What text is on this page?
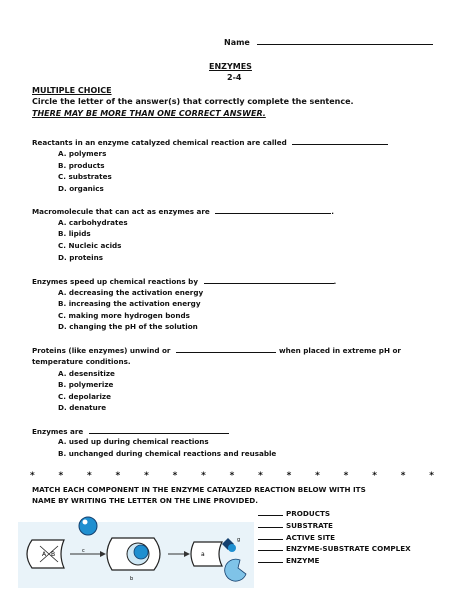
Name
ENZYMES
2-4
MULTIPLE CHOICE
Circle the letter of the answer(s) that correctly complete the sentence.
THERE MAY BE MORE THAN ONE CORRECT ANSWER.
Reactants in an enzyme catalyzed chemical reaction are called
A. polymers
B. products
C. substrates
D. organics
Macromolecule that can act as enzymes are	.
A. carbohydrates
B. lipids
C. Nucleic acids
D. proteins
Enzymes speed up chemical reactions by	.
A. decreasing the activation energy
B. increasing the activation energy
C. making more hydrogen bonds
D. changing the pH of the solution
Proteins (like enzymes) unwind or	when placed in extreme pH or
temperature conditions.
A. desensitize
B. polymerize
C. depolarize
D. denature
Enzymes are
A. used up during chemical reactions
B. unchanged during chemical reactions and reusable
*	*	*	*	*	*	*	*	*	*	*	*	*	*	*
MATCH EACH COMPONENT IN THE ENZYME CATALYZED REACTION BELOW WITH ITS
NAME BY WRITING THE LETTER ON THE LINE PROVIDED.
PRODUCTS
SUBSTRATE
ACTIVE SITE
ENZYME-SUBSTRATE COMPLEX
ENZYME
A B	c
b
a
g
